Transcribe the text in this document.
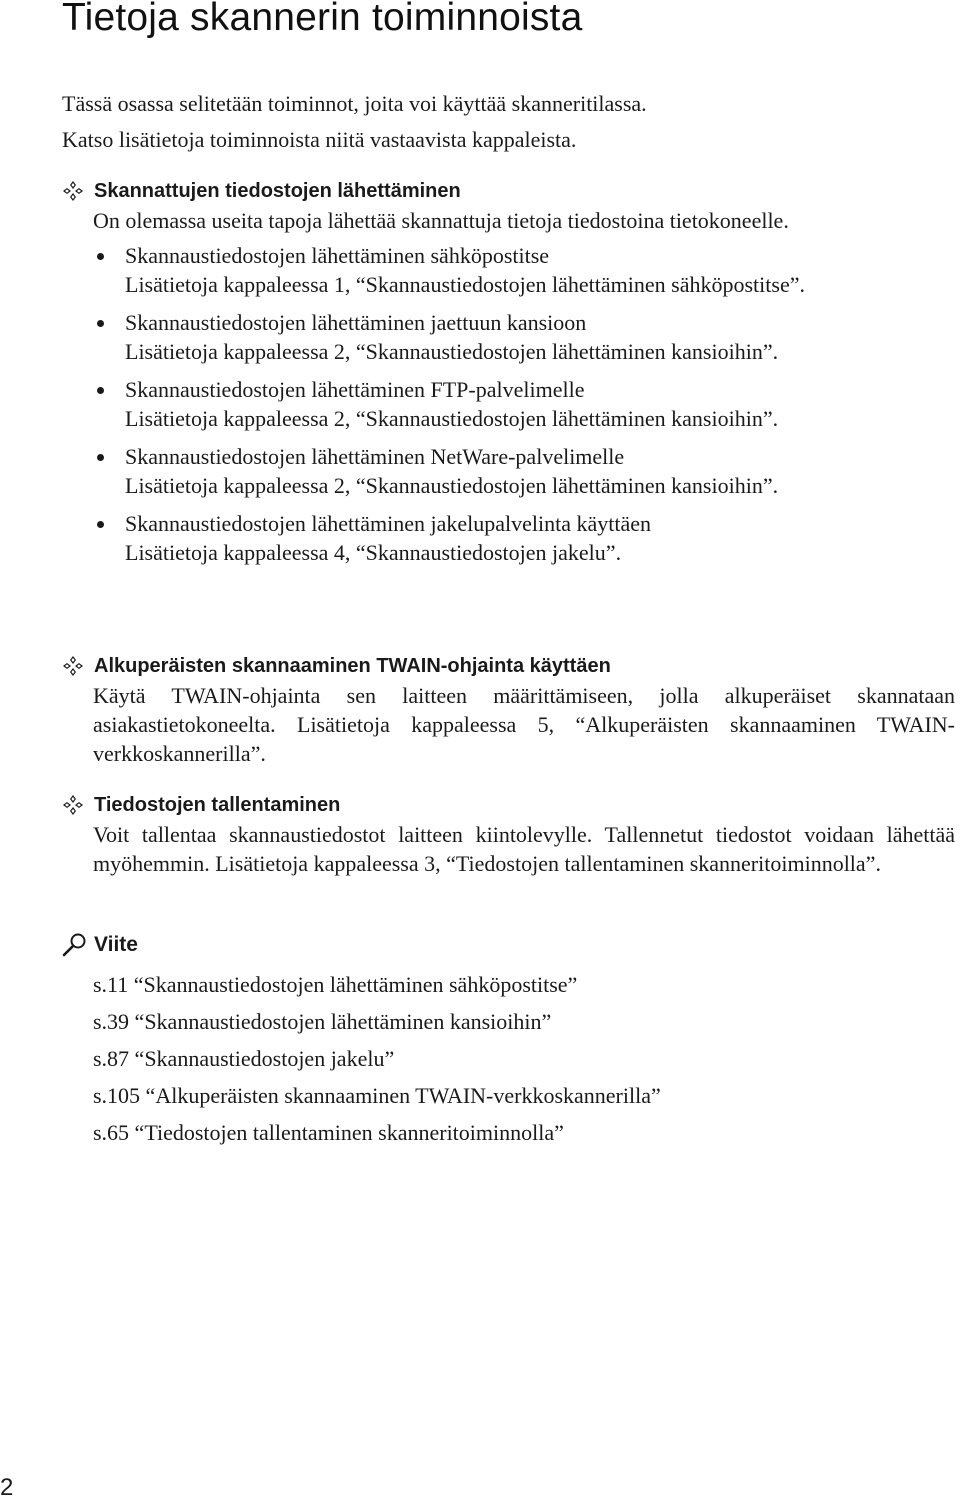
Tietoja skannerin toiminnoista

Tässä osassa selitetään toiminnot, joita voi käyttää skanneritilassa.

Katso lisätietoja toiminnoista niitä vastaavista kappaleista.

Skannattujen tiedostojen lähettäminen
On olemassa useita tapoja lähettää skannattuja tietoja tiedostoina tietokoneelle.
Skannaustiedostojen lähettäminen sähköpostitse
Lisätietoja kappaleessa 1, “Skannaustiedostojen lähettäminen sähköpostitse”.
Skannaustiedostojen lähettäminen jaettuun kansioon
Lisätietoja kappaleessa 2, “Skannaustiedostojen lähettäminen kansioihin”.
Skannaustiedostojen lähettäminen FTP-palvelimelle
Lisätietoja kappaleessa 2, “Skannaustiedostojen lähettäminen kansioihin”.
Skannaustiedostojen lähettäminen NetWare-palvelimelle
Lisätietoja kappaleessa 2, “Skannaustiedostojen lähettäminen kansioihin”.
Skannaustiedostojen lähettäminen jakelupalvelinta käyttäen
Lisätietoja kappaleessa 4, “Skannaustiedostojen jakelu”.
Alkuperäisten skannaaminen TWAIN-ohjainta käyttäen
Käytä TWAIN-ohjainta sen laitteen määrittämiseen, jolla alkuperäiset skannataan asiakastietokoneelta. Lisätietoja kappaleessa 5, “Alkuperäisten skannaaminen TWAIN-verkkoskannerilla”.
Tiedostojen tallentaminen
Voit tallentaa skannaustiedostot laitteen kiintolevylle. Tallennetut tiedostot voidaan lähettää myöhemmin. Lisätietoja kappaleessa 3, “Tiedostojen tallentaminen skanneritoiminnolla”.
Viite
s.11 “Skannaustiedostojen lähettäminen sähköpostitse”
s.39 “Skannaustiedostojen lähettäminen kansioihin”
s.87 “Skannaustiedostojen jakelu”
s.105 “Alkuperäisten skannaaminen TWAIN-verkkoskannerilla”
s.65 “Tiedostojen tallentaminen skanneritoiminnolla”
2
